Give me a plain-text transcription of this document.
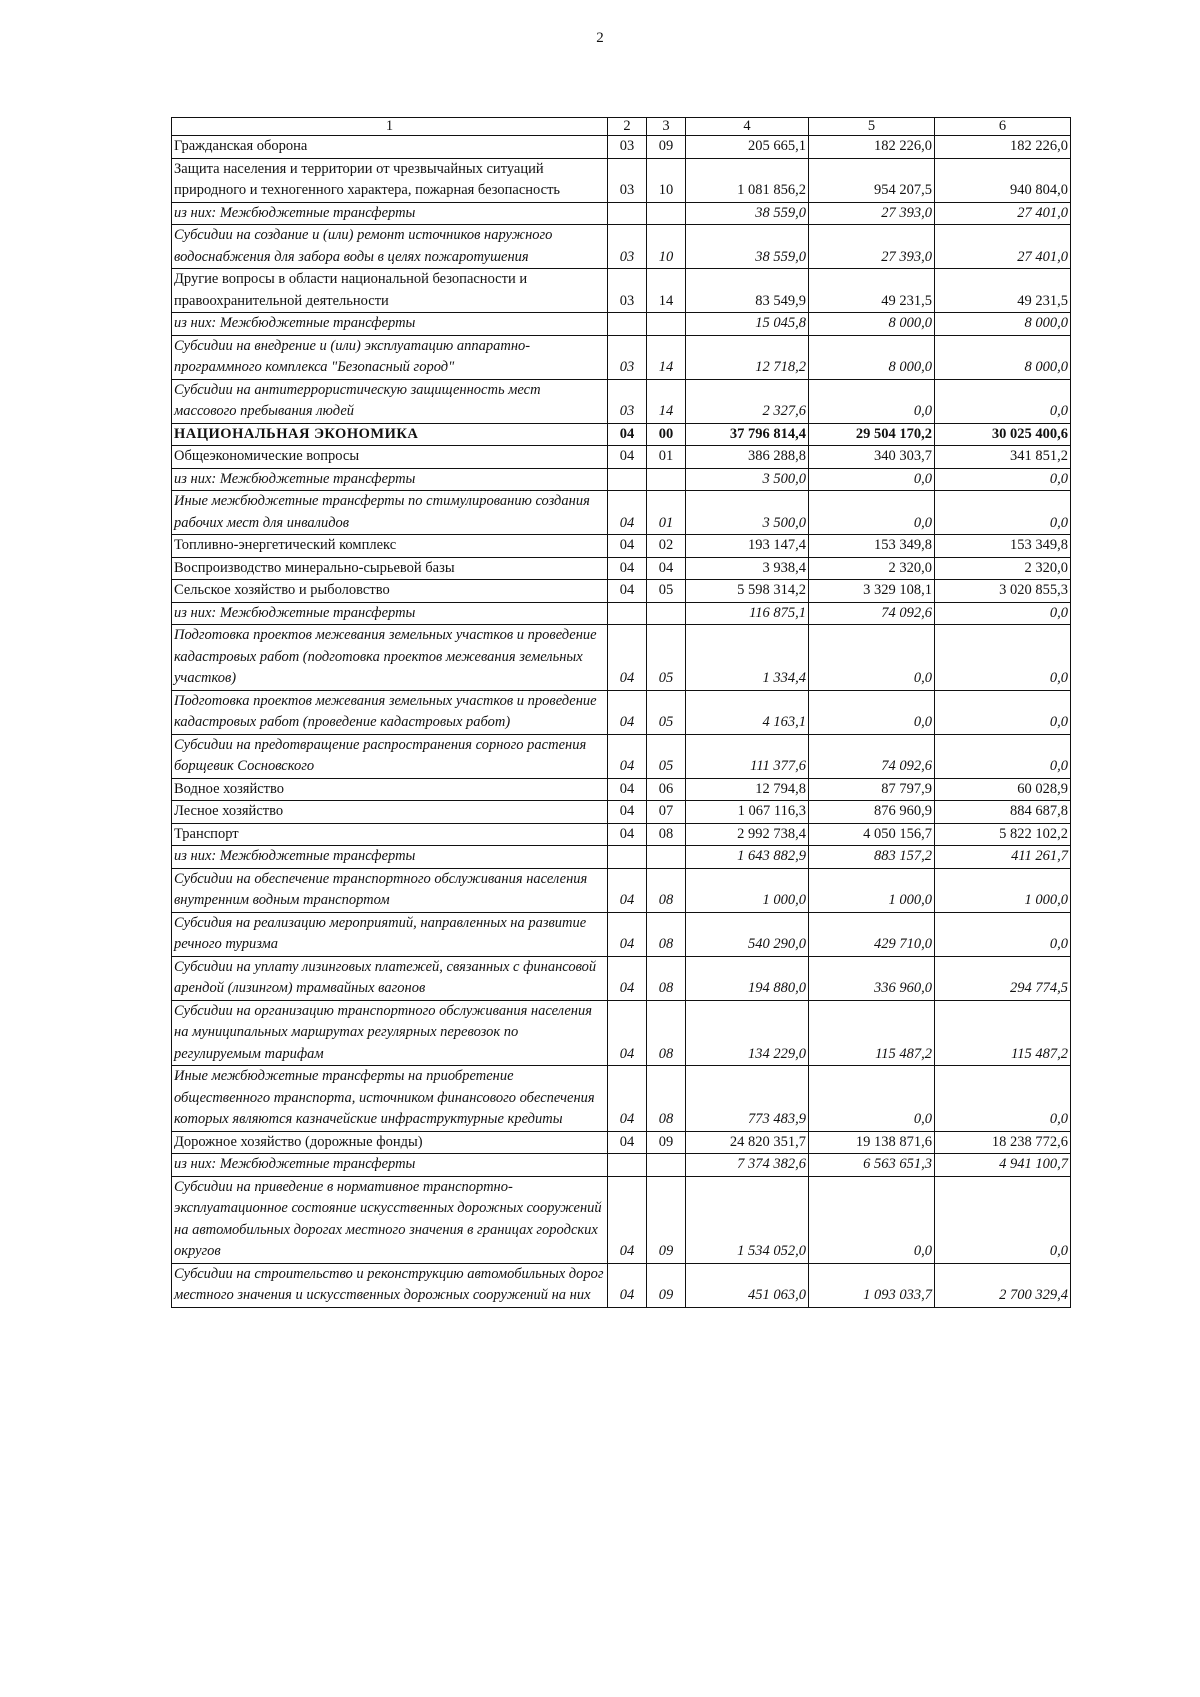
2
1	2	3	4	5	6
Гражданская оборона	03	09	205 665,1	182 226,0	182 226,0
Защита населения и территории от чрезвычайных ситуаций природного и техногенного характера, пожарная безопасность	03	10	1 081 856,2	954 207,5	940 804,0
из них: Межбюджетные трансферты			38 559,0	27 393,0	27 401,0
Субсидии на создание и (или) ремонт источников наружного водоснабжения для забора воды в целях пожаротушения	03	10	38 559,0	27 393,0	27 401,0
Другие вопросы в области национальной безопасности и правоохранительной деятельности	03	14	83 549,9	49 231,5	49 231,5
из них: Межбюджетные трансферты			15 045,8	8 000,0	8 000,0
Субсидии на внедрение и (или) эксплуатацию аппаратно-программного комплекса "Безопасный город"	03	14	12 718,2	8 000,0	8 000,0
Субсидии на антитеррористическую защищенность мест массового пребывания людей	03	14	2 327,6	0,0	0,0
НАЦИОНАЛЬНАЯ ЭКОНОМИКА	04	00	37 796 814,4	29 504 170,2	30 025 400,6
Общеэкономические вопросы	04	01	386 288,8	340 303,7	341 851,2
из них: Межбюджетные трансферты			3 500,0	0,0	0,0
Иные межбюджетные трансферты по стимулированию создания рабочих мест для инвалидов	04	01	3 500,0	0,0	0,0
Топливно-энергетический комплекс	04	02	193 147,4	153 349,8	153 349,8
Воспроизводство минерально-сырьевой базы	04	04	3 938,4	2 320,0	2 320,0
Сельское хозяйство и рыболовство	04	05	5 598 314,2	3 329 108,1	3 020 855,3
из них: Межбюджетные трансферты			116 875,1	74 092,6	0,0
Подготовка проектов межевания земельных участков и проведение кадастровых работ (подготовка проектов межевания земельных участков)	04	05	1 334,4	0,0	0,0
Подготовка проектов межевания земельных участков и проведение кадастровых работ (проведение кадастровых работ)	04	05	4 163,1	0,0	0,0
Субсидии на предотвращение распространения сорного растения борщевик Сосновского	04	05	111 377,6	74 092,6	0,0
Водное хозяйство	04	06	12 794,8	87 797,9	60 028,9
Лесное хозяйство	04	07	1 067 116,3	876 960,9	884 687,8
Транспорт	04	08	2 992 738,4	4 050 156,7	5 822 102,2
из них: Межбюджетные трансферты			1 643 882,9	883 157,2	411 261,7
Субсидии на обеспечение транспортного обслуживания населения внутренним водным транспортом	04	08	1 000,0	1 000,0	1 000,0
Субсидия на реализацию мероприятий, направленных на развитие речного туризма	04	08	540 290,0	429 710,0	0,0
Субсидии на уплату лизинговых платежей, связанных с финансовой арендой (лизингом) трамвайных вагонов	04	08	194 880,0	336 960,0	294 774,5
Субсидии на организацию транспортного обслуживания населения на муниципальных маршрутах регулярных перевозок по регулируемым тарифам	04	08	134 229,0	115 487,2	115 487,2
Иные межбюджетные трансферты на приобретение общественного транспорта, источником финансового обеспечения которых являются казначейские инфраструктурные кредиты	04	08	773 483,9	0,0	0,0
Дорожное хозяйство (дорожные фонды)	04	09	24 820 351,7	19 138 871,6	18 238 772,6
из них: Межбюджетные трансферты			7 374 382,6	6 563 651,3	4 941 100,7
Субсидии на приведение в нормативное транспортно-эксплуатационное состояние искусственных дорожных сооружений на автомобильных дорогах местного значения в границах городских округов	04	09	1 534 052,0	0,0	0,0
Субсидии на строительство и реконструкцию автомобильных дорог местного значения и искусственных дорожных сооружений на них	04	09	451 063,0	1 093 033,7	2 700 329,4
